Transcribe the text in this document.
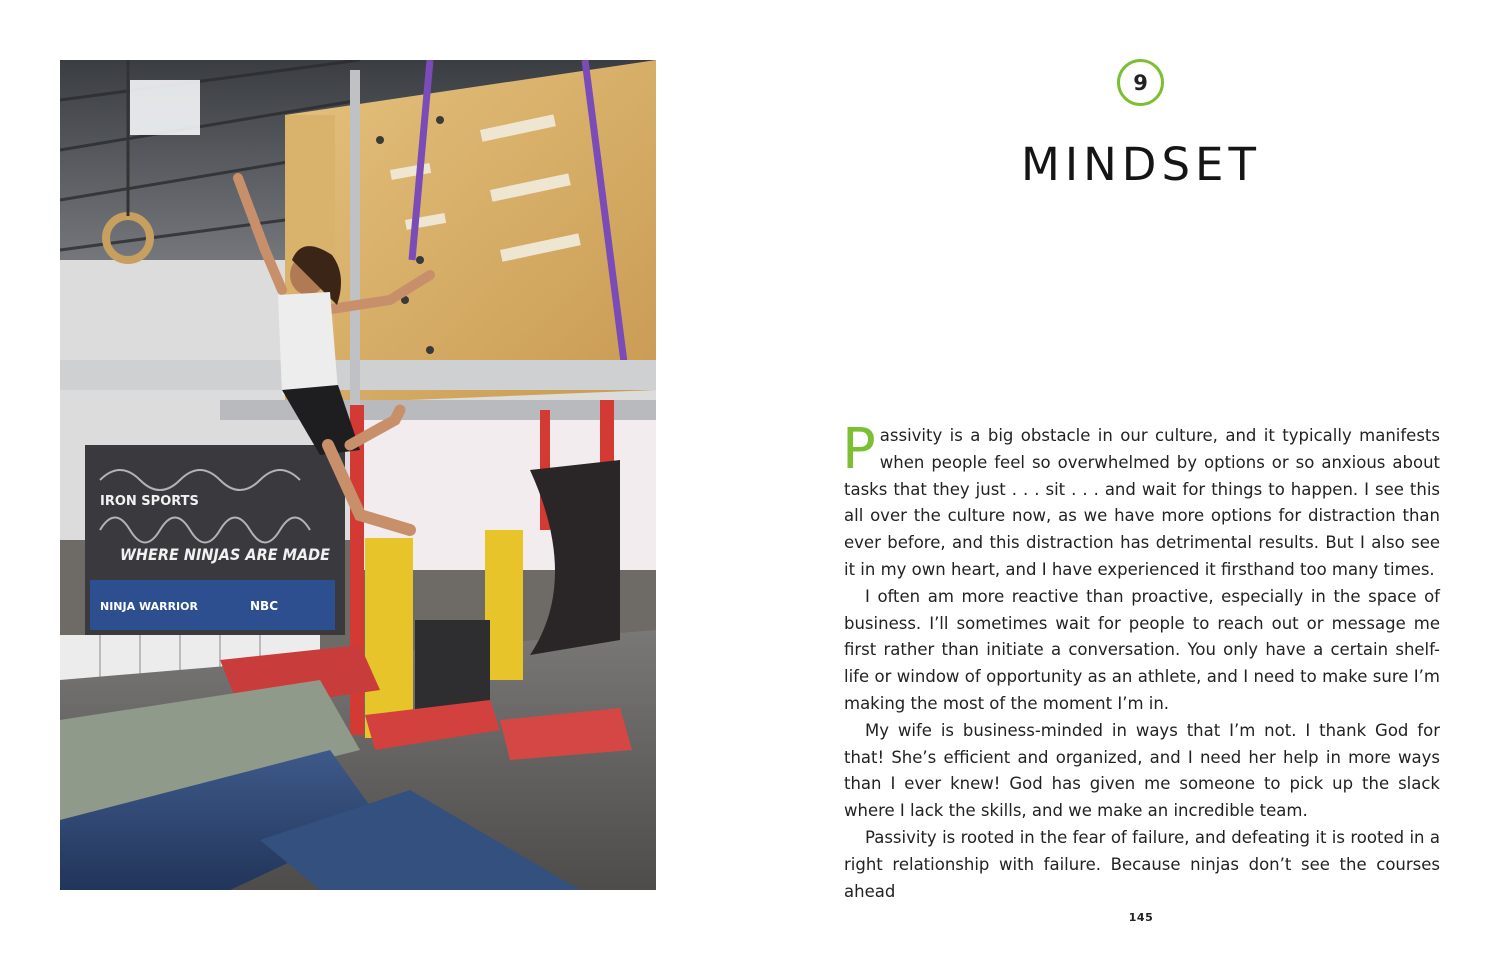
IRON SPORTS
WHERE NINJAS ARE MADE
NINJA WARRIOR	NBC
9
MINDSET

Passivity is a big obstacle in our culture, and it typically manifests when people feel so overwhelmed by options or so anxious about tasks that they just . . . sit . . . and wait for things to happen. I see this all over the culture now, as we have more options for distraction than ever before, and this distraction has detrimental results. But I also see it in my own heart, and I have experienced it firsthand too many times.

I often am more reactive than proactive, especially in the space of business. I’ll sometimes wait for people to reach out or message me first rather than initiate a conversation. You only have a certain shelf-life or window of opportunity as an athlete, and I need to make sure I’m making the most of the moment I’m in.

My wife is business-minded in ways that I’m not. I thank God for that! She’s efficient and organized, and I need her help in more ways than I ever knew! God has given me someone to pick up the slack where I lack the skills, and we make an incredible team.

Passivity is rooted in the fear of failure, and defeating it is rooted in a right relationship with failure. Because ninjas don’t see the courses ahead

145
